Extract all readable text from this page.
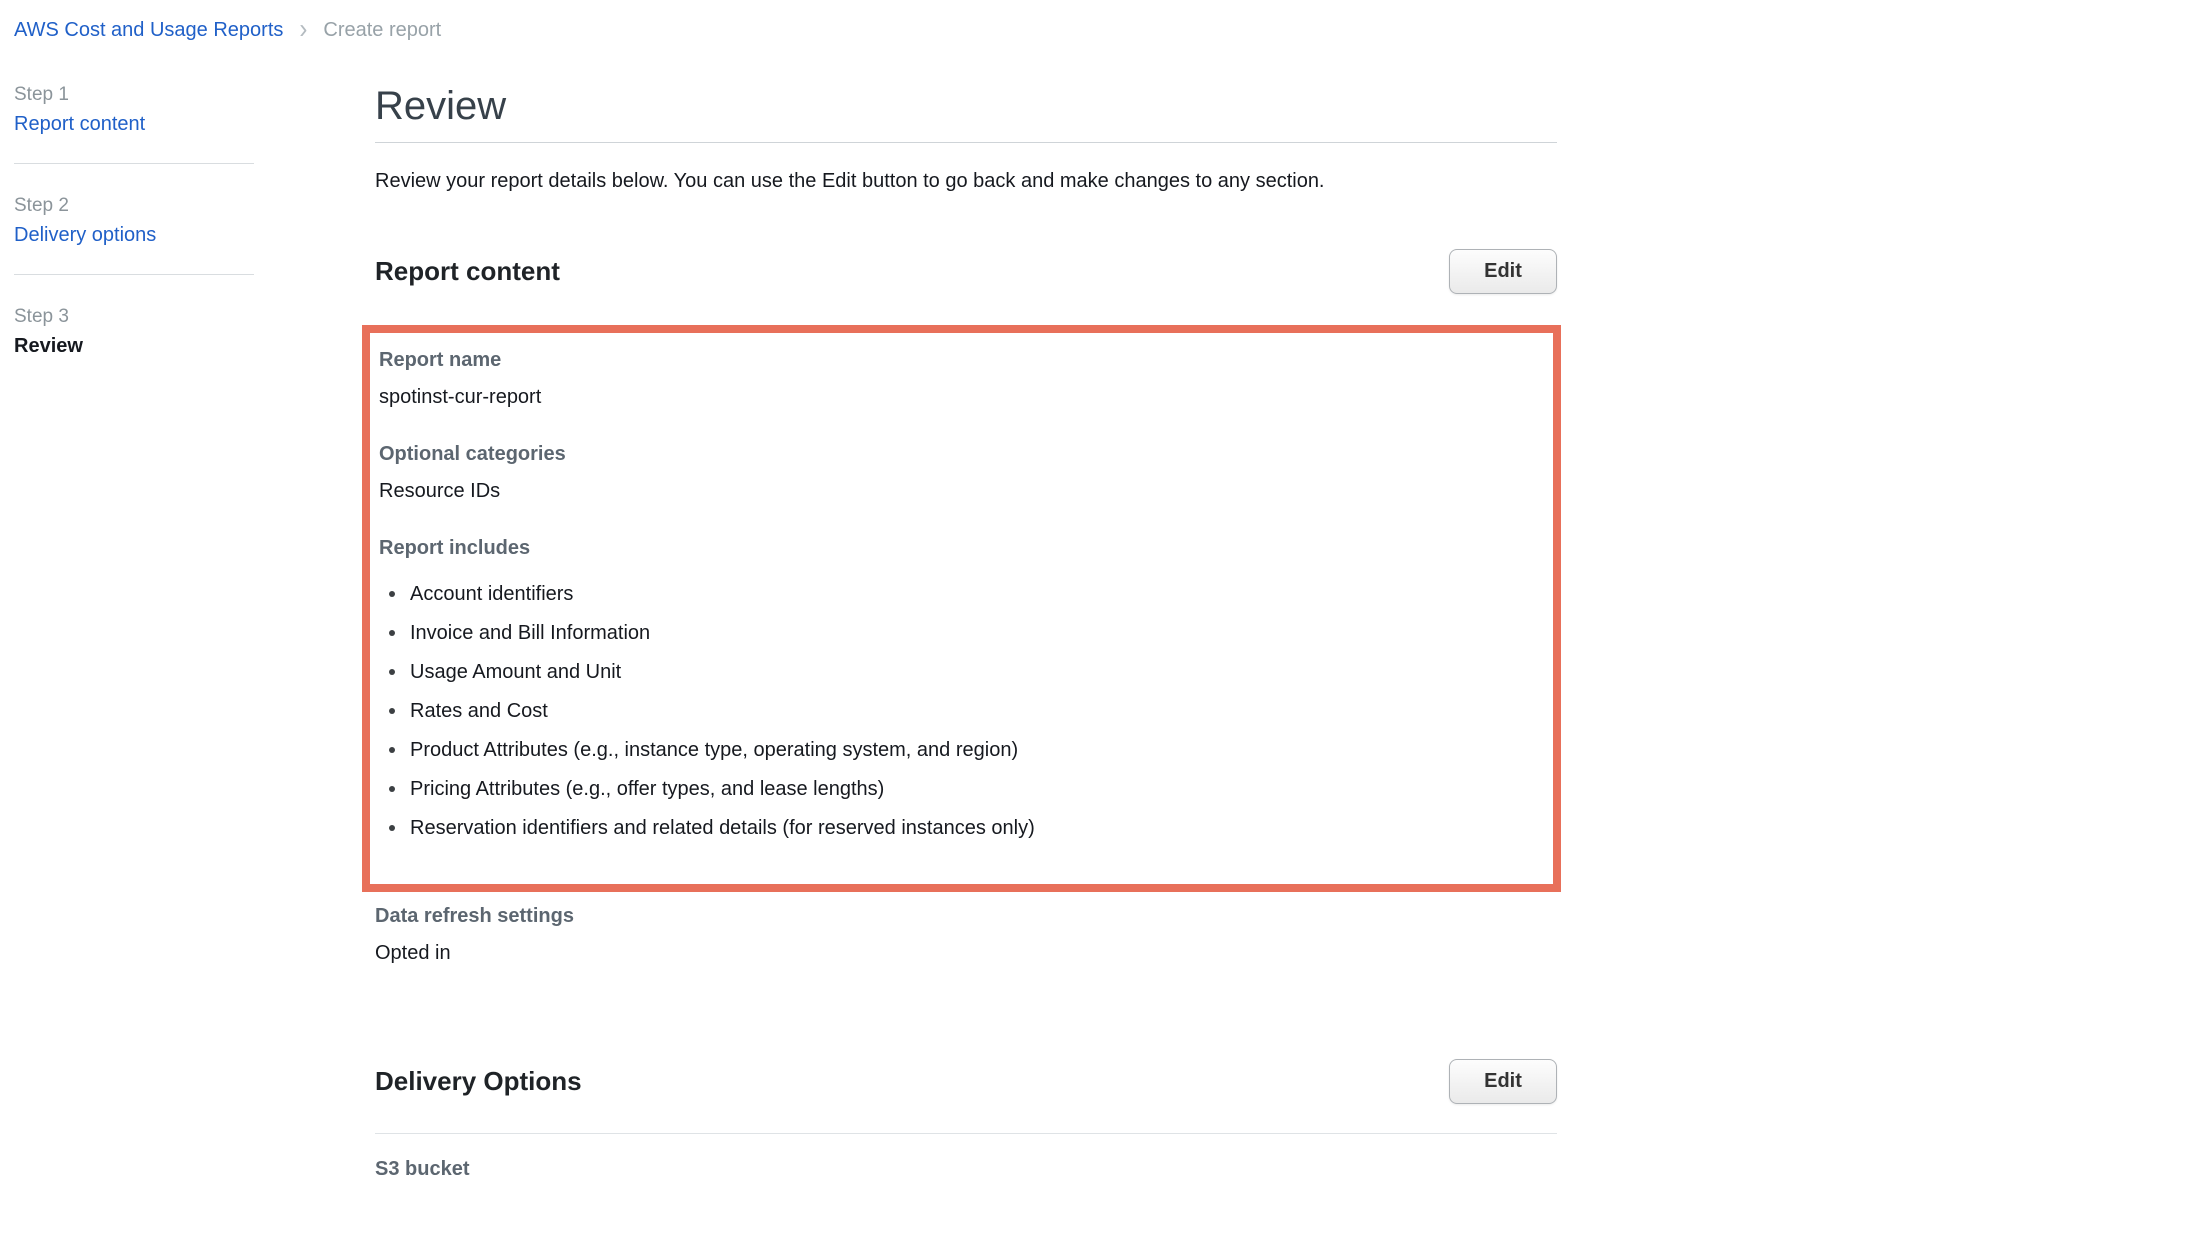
AWS Cost and Usage Reports › Create report
Step 1
Report content
Step 2
Delivery options
Step 3
Review
Review

Review your report details below. You can use the Edit button to go back and make changes to any section.

Report content	Edit
Report name
spotinst-cur-report
Optional categories
Resource IDs
Report includes
Account identifiers
Invoice and Bill Information
Usage Amount and Unit
Rates and Cost
Product Attributes (e.g., instance type, operating system, and region)
Pricing Attributes (e.g., offer types, and lease lengths)
Reservation identifiers and related details (for reserved instances only)
Data refresh settings
Opted in
Delivery Options	Edit
S3 bucket
